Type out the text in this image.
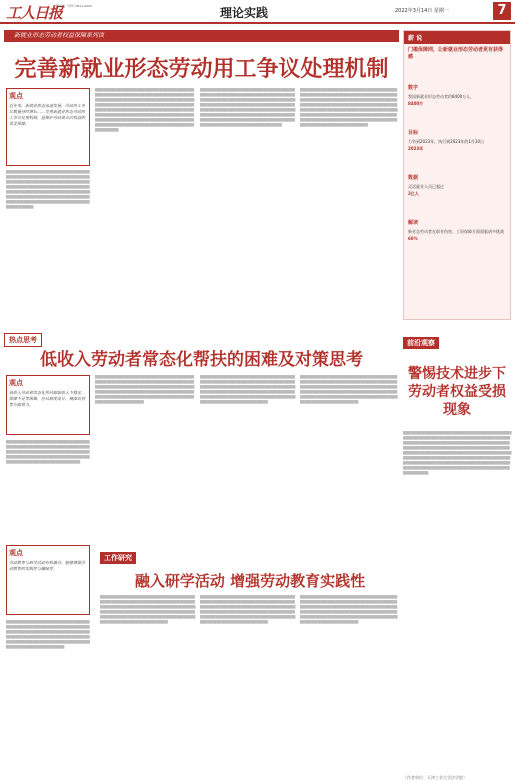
工人日报
国内统一刊号 CN11-0005	理论实践	2022年3月14日 星期一	7
新就业形态劳动者权益保障系列谈
完善新就业形态劳动用工争议处理机制
观点
近年来，新就业形态迅速发展，劳动用工争议数量持续增长……完善新就业形态劳动用工争议处理机制，是维护劳动者合法权益的重要保障。
████ ███ ████ ███ ██████ ██ ████ ███ ████ ██ ████ ███ ████ ███ ██████ ██ ████ ███ ████ ██ ████ ███ ████ ███ ██████ ██ ████ ███ ████ ██ ████ ███ ████ ███ ██████ ██ ████ ███ ████ ██ ████ ███ ████ ███ ██████ ██ ████ ███ ████ ██ ████ ███ ████ ███ ██████ ██ ████ ███ ████ ██ ████ ███ ████ ███ ██████ ██ ████ ███ ████ ██ ████ ███ ████ ███ ██████ ██ ████ ███ ████ ██ ████ ███ ████ ███ ██████ ██ ████ ███ ████ ██
████ ███ ████ ███ ██████ ██ ████ ███ ████ ██ ████ ███ ████ ███ ██████ ██ ████ ███ ████ ██ ████ ███ ████ ███ ██████ ██ ████ ███ ████ ██ ████ ███ ████ ███ ██████ ██ ████ ███ ████ ██ ████ ███ ████ ███ ██████ ██ ████ ███ ████ ██ ████ ███ ████ ███ ██████ ██ ████ ███ ████ ██ ████ ███ ████ ███ ██████ ██ ████ ███ ████ ██ ████ ███ ████ ███ ██████ ██ ████ ███ ████ ██ ████ ███ ████ ███ ██████ ██ ████ ███ ████ ██ ████ ███ ████ ███ ██████ ██ ████ ███ ████ ██ ████ ███ ████ ███ ██████ ██ ████ ███ ████ ██ ████ ███ ████ ███ ██████ ██ ████ ███ ████ ██
████ ███ ████ ███ ██████ ██ ████ ███ ████ ██ ████ ███ ████ ███ ██████ ██ ████ ███ ████ ██ ████ ███ ████ ███ ██████ ██ ████ ███ ████ ██ ████ ███ ████ ███ ██████ ██ ████ ███ ████ ██ ████ ███ ████ ███ ██████ ██ ████ ███ ████ ██ ████ ███ ████ ███ ██████ ██ ████ ███ ████ ██ ████ ███ ████ ███ ██████ ██ ████ ███ ████ ██ ████ ███ ████ ███ ██████ ██ ████ ███ ████ ██ ████ ███ ████ ███ ██████ ██ ████ ███ ████ ██ ████ ███ ████ ███ ██████ ██ ████ ███ ████ ██ ████ ███ ████ ███ ██████ ██ ████ ███ ████ ██
████ ███ ████ ███ ██████ ██ ████ ███ ████ ██ ████ ███ ████ ███ ██████ ██ ████ ███ ████ ██ ████ ███ ████ ███ ██████ ██ ████ ███ ████ ██ ████ ███ ████ ███ ██████ ██ ████ ███ ████ ██ ████ ███ ████ ███ ██████ ██ ████ ███ ████ ██ ████ ███ ████ ███ ██████ ██ ████ ███ ████ ██ ████ ███ ████ ███ ██████ ██ ████ ███ ████ ██ ████ ███ ████ ███ ██████ ██ ████ ███ ████ ██ ████ ███ ████ ███ ██████ ██ ████ ███ ████ ██ ████ ███ ████ ███ ██████ ██ ████ ███ ████ ██ ████ ███ ████ ███ ██████ ██ ████ ███ ████ ██
薪 说
门槛保障网，让新就业形态劳动者更有获得感
数字
我国新就业形态劳动者约8400万人，
8400万
目标
力争到2023年，执行到2023年的1月30日
2023年
数据
灵活就业人员已超过
2亿人
解读
新业态劳动者在职业伤害、工资保障方面面临诸多挑战
60%
前沿观察
警惕技术进步下劳动者权益受损现象
████ ███ ████ ███ ██████ ██ ████ ███ ████ ██ ████ ███ ████ ███ ██████ ██ ████ ███ ████ ██ ████ ███ ████ ███ ██████ ██ ████ ███ ████ ██ ████ ███ ████ ███ ██████ ██ ████ ███ ████ ██ ████ ███ ████ ███ ██████ ██ ████ ███ ████ ██ ████ ███ ████ ███ ██████ ██ ████ ███ ████ ██ ████ ███ ████ ███ ██████ ██ ████ ███ ████ ██ ████ ███ ████ ███ ██████ ██ ████ ███ ████ ██ ████ ███ ████ ███ ██████ ██ ████ ███ ████ ██ ████ ███ ████ ███ ██████ ██ ████ ███ ████ ██ ████ ███ ████ ███ ██████ ██ ████ ███ ████ ██ ████ ███ ████ ███ ██████ ██ ████ ███ ████ ██ ████ ███ ████ ███ ██████ ██ ████ ███ ████ ██
（作者单位：天津工业大学法学院）
热点思考
低收入劳动者常态化帮扶的困难及对策思考
观点
低收入劳动者常态化帮扶面临收入不稳定、保障不足等困难，应从制度设计、精准识别等方面着力。
████ ███ ████ ███ ██████ ██ ████ ███ ████ ██ ████ ███ ████ ███ ██████ ██ ████ ███ ████ ██ ████ ███ ████ ███ ██████ ██ ████ ███ ████ ██ ████ ███ ████ ███ ██████ ██ ████ ███ ████ ██ ████ ███ ████ ███ ██████ ██ ████ ███ ████ ██ ████ ███ ████ ███ ██████ ██ ████ ███ ████ ██
████ ███ ████ ███ ██████ ██ ████ ███ ████ ██ ████ ███ ████ ███ ██████ ██ ████ ███ ████ ██ ████ ███ ████ ███ ██████ ██ ████ ███ ████ ██ ████ ███ ████ ███ ██████ ██ ████ ███ ████ ██ ████ ███ ████ ███ ██████ ██ ████ ███ ████ ██ ████ ███ ████ ███ ██████ ██ ████ ███ ████ ██ ████ ███ ████ ███ ██████ ██ ████ ███ ████ ██ ████ ███ ████ ███ ██████ ██ ████ ███ ████ ██
████ ███ ████ ███ ██████ ██ ████ ███ ████ ██ ████ ███ ████ ███ ██████ ██ ████ ███ ████ ██ ████ ███ ████ ███ ██████ ██ ████ ███ ████ ██ ████ ███ ████ ███ ██████ ██ ████ ███ ████ ██ ████ ███ ████ ███ ██████ ██ ████ ███ ████ ██ ████ ███ ████ ███ ██████ ██ ████ ███ ████ ██ ████ ███ ████ ███ ██████ ██ ████ ███ ████ ██ ████ ███ ████ ███ ██████ ██ ████ ███ ████ ██
████ ███ ████ ███ ██████ ██ ████ ███ ████ ██ ████ ███ ████ ███ ██████ ██ ████ ███ ████ ██ ████ ███ ████ ███ ██████ ██ ████ ███ ████ ██ ████ ███ ████ ███ ██████ ██ ████ ███ ████ ██ ████ ███ ████ ███ ██████ ██ ████ ███ ████ ██ ████ ███ ████ ███ ██████ ██ ████ ███ ████ ██ ████ ███ ████ ███ ██████ ██ ████ ███ ████ ██ ████ ███ ████ ███ ██████ ██ ████ ███ ████ ██
观点
劳动教育与研学活动有机融合，能够增强劳动教育的实践性与趣味性。
████ ███ ████ ███ ██████ ██ ████ ███ ████ ██ ████ ███ ████ ███ ██████ ██ ████ ███ ████ ██ ████ ███ ████ ███ ██████ ██ ████ ███ ████ ██ ████ ███ ████ ███ ██████ ██ ████ ███ ████ ██ ████ ███ ████ ███ ██████ ██ ████ ███ ████ ██ ████ ███ ████ ███ ██████ ██ ████ ███ ████ ██ ████ ███ ████ ███ ██████ ██ ████ ███ ████ ██
工作研究
融入研学活动 增强劳动教育实践性
████ ███ ████ ███ ██████ ██ ████ ███ ████ ██ ████ ███ ████ ███ ██████ ██ ████ ███ ████ ██ ████ ███ ████ ███ ██████ ██ ████ ███ ████ ██ ████ ███ ████ ███ ██████ ██ ████ ███ ████ ██ ████ ███ ████ ███ ██████ ██ ████ ███ ████ ██ ████ ███ ████ ███ ██████ ██ ████ ███ ████ ██ ████ ███ ████ ███ ██████ ██ ████ ███ ████ ██ ████ ███ ████ ███ ██████ ██ ████ ███ ████ ██
████ ███ ████ ███ ██████ ██ ████ ███ ████ ██ ████ ███ ████ ███ ██████ ██ ████ ███ ████ ██ ████ ███ ████ ███ ██████ ██ ████ ███ ████ ██ ████ ███ ████ ███ ██████ ██ ████ ███ ████ ██ ████ ███ ████ ███ ██████ ██ ████ ███ ████ ██ ████ ███ ████ ███ ██████ ██ ████ ███ ████ ██ ████ ███ ████ ███ ██████ ██ ████ ███ ████ ██ ████ ███ ████ ███ ██████ ██ ████ ███ ████ ██
████ ███ ████ ███ ██████ ██ ████ ███ ████ ██ ████ ███ ████ ███ ██████ ██ ████ ███ ████ ██ ████ ███ ████ ███ ██████ ██ ████ ███ ████ ██ ████ ███ ████ ███ ██████ ██ ████ ███ ████ ██ ████ ███ ████ ███ ██████ ██ ████ ███ ████ ██ ████ ███ ████ ███ ██████ ██ ████ ███ ████ ██ ████ ███ ████ ███ ██████ ██ ████ ███ ████ ██ ████ ███ ████ ███ ██████ ██ ████ ███ ████ ██
